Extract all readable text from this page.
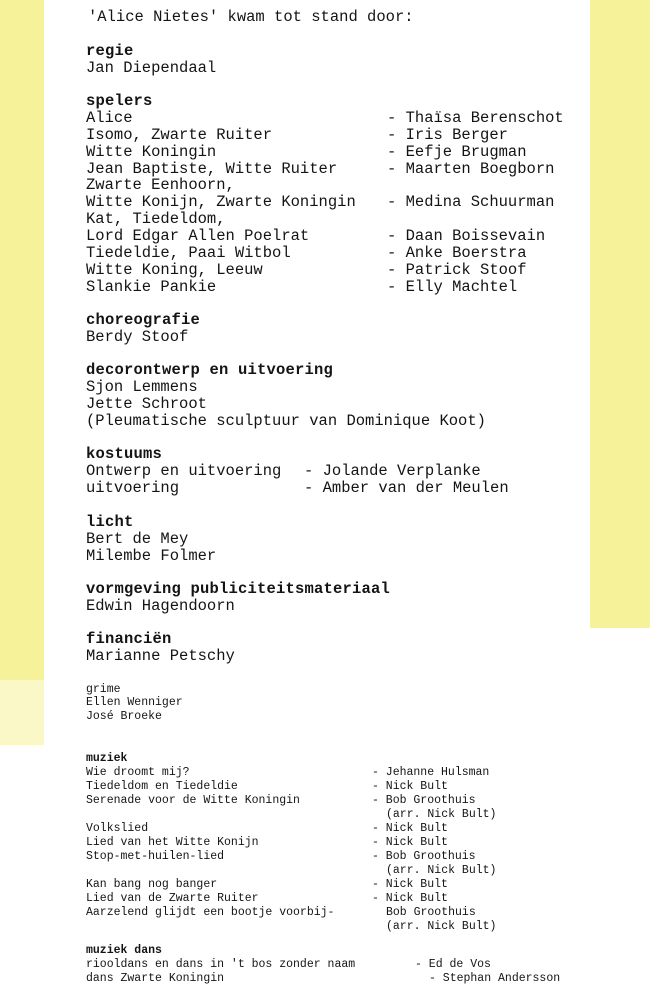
'Alice Nietes' kwam tot stand door:
regie
Jan Diependaal
spelers
Alice	- Thaïsa Berenschot
Isomo, Zwarte Ruiter	- Iris Berger
Witte Koningin	- Eefje Brugman
Jean Baptiste, Witte Ruiter	- Maarten Boegborn
Zwarte Eenhoorn,
Witte Konijn, Zwarte Koningin - Medina Schuurman
Kat, Tiedeldom,
Lord Edgar Allen Poelrat	- Daan Boissevain
Tiedeldie, Paai Witbol	- Anke Boerstra
Witte Koning, Leeuw	- Patrick Stoof
Slankie Pankie	- Elly Machtel
choreografie
Berdy Stoof
decorontwerp en uitvoering
Sjon Lemmens
Jette Schroot
(Pleumatische sculptuur van Dominique Koot)
kostuums
Ontwerp en uitvoering - Jolande Verplanke
uitvoering	- Amber van der Meulen
licht
Bert de Mey
Milembe Folmer
vormgeving publiciteitsmateriaal
Edwin Hagendoorn
financiën
Marianne Petschy
grime
Ellen Wenniger
José Broeke
muziek
Wie droomt mij?	- Jehanne Hulsman
Tiedeldom en Tiedeldie	- Nick Bult
Serenade voor de Witte Koningin	- Bob Groothuis
(arr. Nick Bult)
Volkslied	- Nick Bult
Lied van het Witte Konijn	- Nick Bult
Stop-met-huilen-lied	- Bob Groothuis
(arr. Nick Bult)
Kan bang nog banger	- Nick Bult
Lied van de Zwarte Ruiter	- Nick Bult
Aarzelend glijdt een bootje voorbij-	Bob Groothuis
(arr. Nick Bult)
muziek dans
riooldans en dans in 't bos zonder naam	- Ed de Vos
dans Zwarte Koningin	- Stephan Andersson
